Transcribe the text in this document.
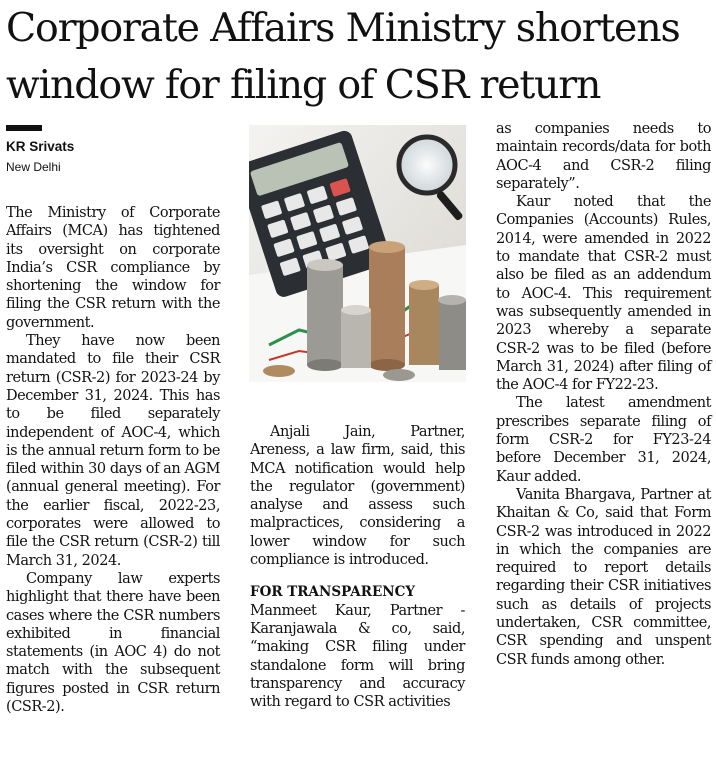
Corporate Affairs Ministry shortens window for filing of CSR return
KR Srivats
New Delhi

The Ministry of Corporate Affairs (MCA) has tightened its oversight on corporate India’s CSR compliance by shortening the window for filing the CSR return with the government.

They have now been mandated to file their CSR return (CSR-2) for 2023-24 by December 31, 2024. This has to be filed separately independent of AOC-4, which is the annual return form to be filed within 30 days of an AGM (annual general meeting). For the earlier fiscal, 2022-23, corporates were allowed to file the CSR return (CSR-2) till March 31, 2024.

Company law experts highlight that there have been cases where the CSR numbers exhibited in financial statements (in AOC 4) do not match with the subsequent figures posted in CSR return (CSR-2).

Anjali Jain, Partner, Areness, a law firm, said, this MCA notification would help the regulator (government) analyse and assess such malpractices, considering a lower window for such compliance is introduced.

FOR TRANSPARENCY

Manmeet Kaur, Partner - Karanjawala & co, said, “making CSR filing under standalone form will bring transparency and accuracy with regard to CSR activities

as companies needs to maintain records/data for both AOC-4 and CSR-2 filing separately”.

Kaur noted that the Companies (Accounts) Rules, 2014, were amended in 2022 to mandate that CSR-2 must also be filed as an addendum to AOC-4. This requirement was subsequently amended in 2023 whereby a separate CSR-2 was to be filed (before March 31, 2024) after filing of the AOC-4 for FY22-23.

The latest amendment prescribes separate filing of form CSR-2 for FY23-24 before December 31, 2024, Kaur added.

Vanita Bhargava, Partner at Khaitan & Co, said that Form CSR-2 was introduced in 2022 in which the companies are required to report details regarding their CSR initiatives such as details of projects undertaken, CSR committee, CSR spending and unspent CSR funds among other.
